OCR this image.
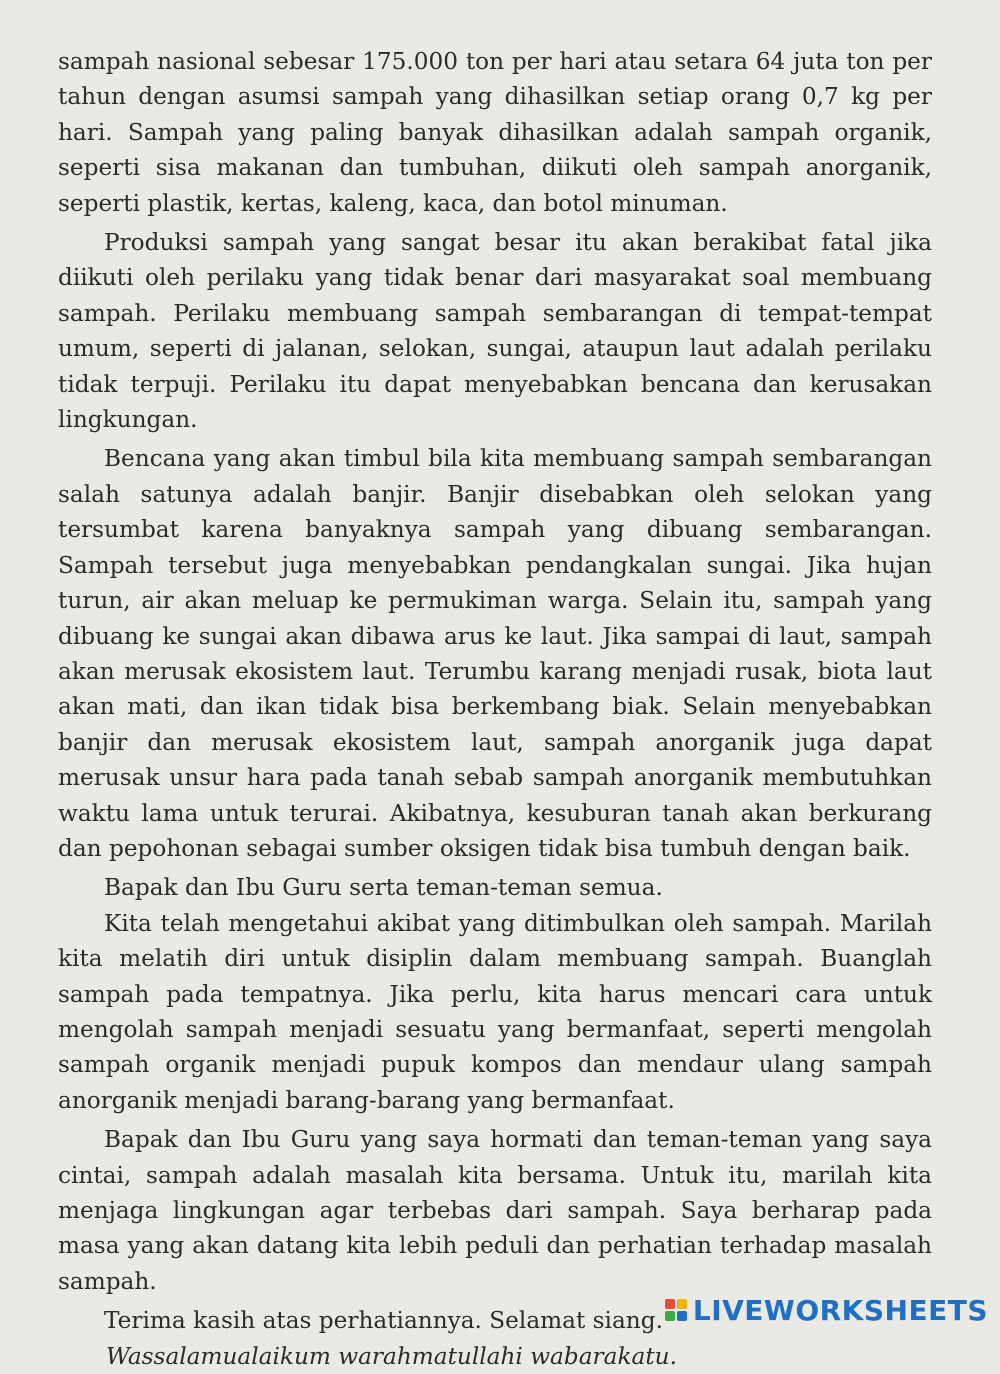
sampah nasional sebesar 175.000 ton per hari atau setara 64 juta ton per tahun dengan asumsi sampah yang dihasilkan setiap orang 0,7 kg per hari. Sampah yang paling banyak dihasilkan adalah sampah organik, seperti sisa makanan dan tumbuhan, diikuti oleh sampah anorganik, seperti plastik, kertas, kaleng, kaca, dan botol minuman.

Produksi sampah yang sangat besar itu akan berakibat fatal jika diikuti oleh perilaku yang tidak benar dari masyarakat soal membuang sampah. Perilaku membuang sampah sembarangan di tempat-tempat umum, seperti di jalanan, selokan, sungai, ataupun laut adalah perilaku tidak terpuji. Perilaku itu dapat menyebabkan bencana dan kerusakan lingkungan.

Bencana yang akan timbul bila kita membuang sampah sembarangan salah satunya adalah banjir. Banjir disebabkan oleh selokan yang tersumbat karena banyaknya sampah yang dibuang sembarangan. Sampah tersebut juga menyebabkan pendangkalan sungai. Jika hujan turun, air akan meluap ke permukiman warga. Selain itu, sampah yang dibuang ke sungai akan dibawa arus ke laut. Jika sampai di laut, sampah akan merusak ekosistem laut. Terumbu karang menjadi rusak, biota laut akan mati, dan ikan tidak bisa berkembang biak. Selain menyebabkan banjir dan merusak ekosistem laut, sampah anorganik juga dapat merusak unsur hara pada tanah sebab sampah anorganik membutuhkan waktu lama untuk terurai. Akibatnya, kesuburan tanah akan berkurang dan pepohonan sebagai sumber oksigen tidak bisa tumbuh dengan baik.

Bapak dan Ibu Guru serta teman-teman semua.

Kita telah mengetahui akibat yang ditimbulkan oleh sampah. Marilah kita melatih diri untuk disiplin dalam membuang sampah. Buanglah sampah pada tempatnya. Jika perlu, kita harus mencari cara untuk mengolah sampah menjadi sesuatu yang bermanfaat, seperti mengolah sampah organik menjadi pupuk kompos dan mendaur ulang sampah anorganik menjadi barang-barang yang bermanfaat.

Bapak dan Ibu Guru yang saya hormati dan teman-teman yang saya cintai, sampah adalah masalah kita bersama. Untuk itu, marilah kita menjaga lingkungan agar terbebas dari sampah. Saya berharap pada masa yang akan datang kita lebih peduli dan perhatian terhadap masalah sampah.

Terima kasih atas perhatiannya. Selamat siang.

Wassalamualaikum warahmatullahi wabarakatu.

LIVEWORKSHEETS
